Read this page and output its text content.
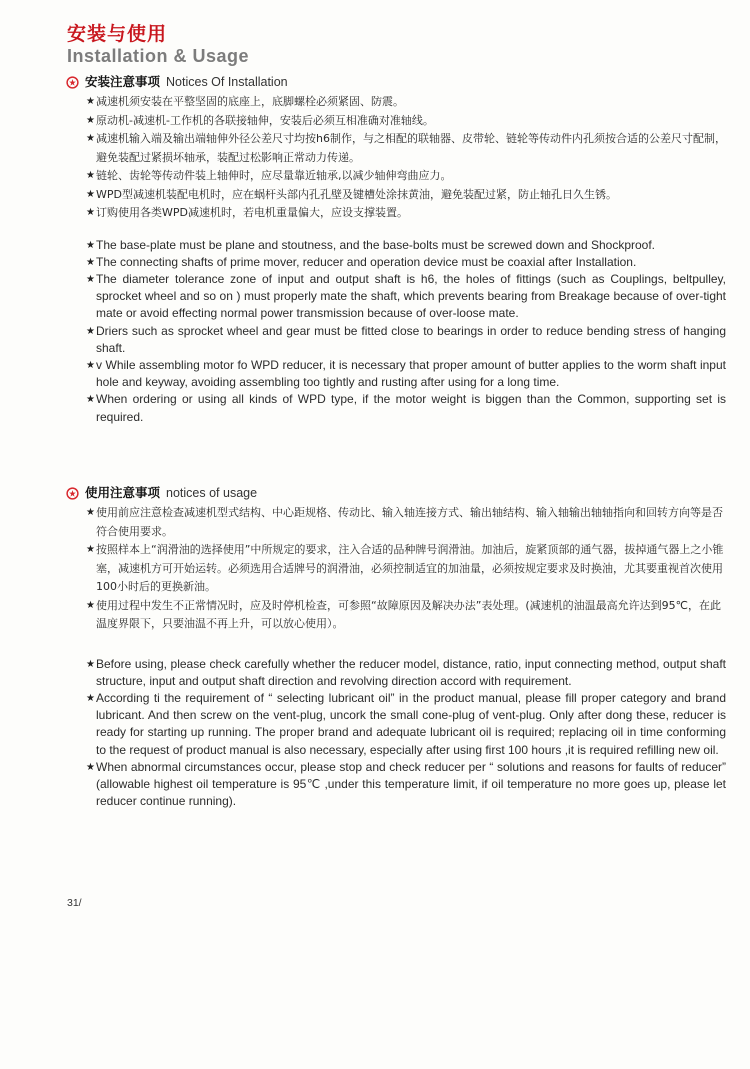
安装与使用
Installation & Usage
安装注意事项 Notices Of Installation
★ 减速机须安装在平整坚固的底座上，底脚螺栓必须紧固、防震。
★ 原动机-减速机-工作机的各联接轴伸，安装后必须互相准确对准轴线。
★ 减速机输入端及输出端轴伸外径公差尺寸均按h6制作，与之相配的联轴器、皮带轮、链轮等传动件内孔须按合适的公差尺寸配制，避免装配过紧损坏轴承，装配过松影响正常动力传递。
★ 链轮、齿轮等传动件装上轴伸时，应尽量靠近轴承,以减少轴伸弯曲应力。
★ WPD型减速机装配电机时，应在蜗杆头部内孔孔壁及键槽处涂抹黄油，避免装配过紧，防止轴孔日久生锈。
★ 订购使用各类WPD减速机时，若电机重量偏大，应设支撑装置。
★ The base-plate must be plane and stoutness, and the base-bolts must be screwed down and Shockproof.
★ The connecting shafts of prime mover, reducer and operation device must be coaxial after Installation.
★ The diameter tolerance zone of input and output shaft is h6, the holes of fittings (such as Couplings, beltpulley, sprocket wheel and so on ) must properly mate the shaft, which prevents bearing from Breakage because of over-tight mate or avoid effecting normal power transmission because of over-loose mate.
★ Driers such as sprocket wheel and gear must be fitted close to bearings in order to reduce bending stress of hanging shaft.
★ v While assembling motor fo WPD reducer, it is necessary that proper amount of butter applies to the worm shaft input hole and keyway, avoiding assembling too tightly and rusting after using for a long time.
★ When ordering or using all kinds of WPD type, if the motor weight is biggen than the Common, supporting set is required.
使用注意事项 notices of usage
★ 使用前应注意检查减速机型式结构、中心距规格、传动比、输入轴连接方式、输出轴结构、输入轴输出轴轴指向和回转方向等是否符合使用要求。
★ 按照样本上“润滑油的选择使用”中所规定的要求，注入合适的品种牌号润滑油。加油后，旋紧顶部的通气器，拔掉通气器上之小锥塞，减速机方可开始运转。必须选用合适牌号的润滑油，必须控制适宜的加油量，必须按规定要求及时换油，尤其要重视首次使用100小时后的更换新油。
★ 使用过程中发生不正常情况时，应及时停机检查，可参照“故障原因及解决办法”表处理。(减速机的油温最高允许达到95℃，在此温度界限下，只要油温不再上升，可以放心使用）。
★ Before using, please check carefully whether the reducer model, distance, ratio, input connecting method, output shaft structure, input and output shaft direction and revolving direction accord with requirement.
★ According ti the requirement of “ selecting lubricant oil” in the product manual, please fill proper category and brand lubricant. And then screw on the vent-plug, uncork the small cone-plug of vent-plug. Only after dong these, reducer is ready for starting up running. The proper brand and adequate lubricant oil is required; replacing oil in time conforming to the request of product manual is also necessary, especially after using first 100 hours ,it is required refilling new oil.
★ When abnormal circumstances occur, please stop and check reducer per “ solutions and reasons for faults of reducer” (allowable highest oil temperature is 95℃ ,under this temperature limit, if oil temperature no more goes up, please let reducer continue running).

31/
